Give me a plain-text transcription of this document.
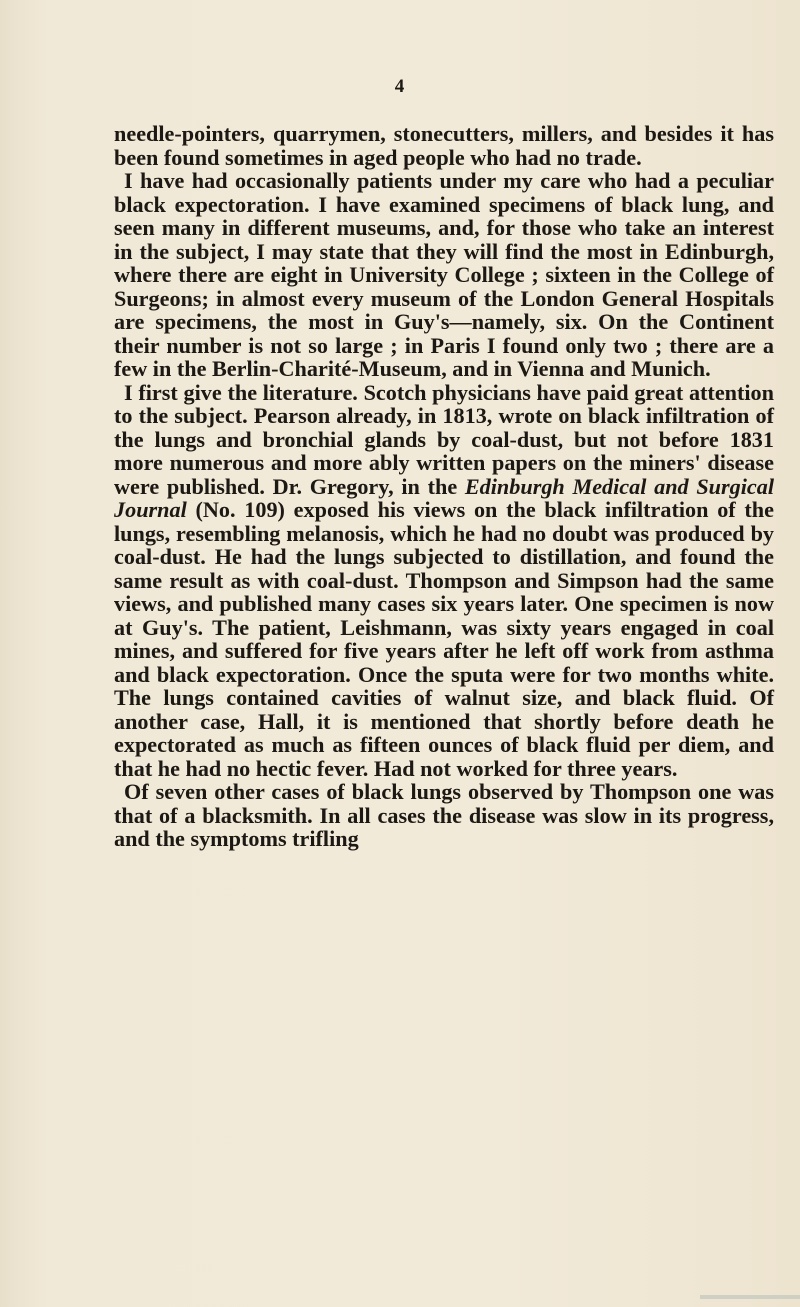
4

needle-pointers, quarrymen, stonecutters, millers, and besides it has been found sometimes in aged people who had no trade.

I have had occasionally patients under my care who had a peculiar black expectoration. I have examined specimens of black lung, and seen many in different museums, and, for those who take an interest in the subject, I may state that they will find the most in Edinburgh, where there are eight in University College ; sixteen in the College of Surgeons; in almost every museum of the London General Hospitals are specimens, the most in Guy's—namely, six. On the Continent their number is not so large ; in Paris I found only two ; there are a few in the Berlin-Charité-Museum, and in Vienna and Munich.

I first give the literature. Scotch physicians have paid great attention to the subject. Pearson already, in 1813, wrote on black infiltration of the lungs and bronchial glands by coal-dust, but not before 1831 more numerous and more ably written papers on the miners' disease were published. Dr. Gregory, in the Edinburgh Medical and Surgical Journal (No. 109) exposed his views on the black infiltration of the lungs, resembling melanosis, which he had no doubt was produced by coal-dust. He had the lungs subjected to distillation, and found the same result as with coal-dust. Thompson and Simpson had the same views, and published many cases six years later. One specimen is now at Guy's. The patient, Leishmann, was sixty years engaged in coal mines, and suffered for five years after he left off work from asthma and black expectoration. Once the sputa were for two months white. The lungs contained cavities of walnut size, and black fluid. Of another case, Hall, it is mentioned that shortly before death he expectorated as much as fifteen ounces of black fluid per diem, and that he had no hectic fever. Had not worked for three years.

Of seven other cases of black lungs observed by Thompson one was that of a blacksmith. In all cases the disease was slow in its progress, and the symptoms trifling
